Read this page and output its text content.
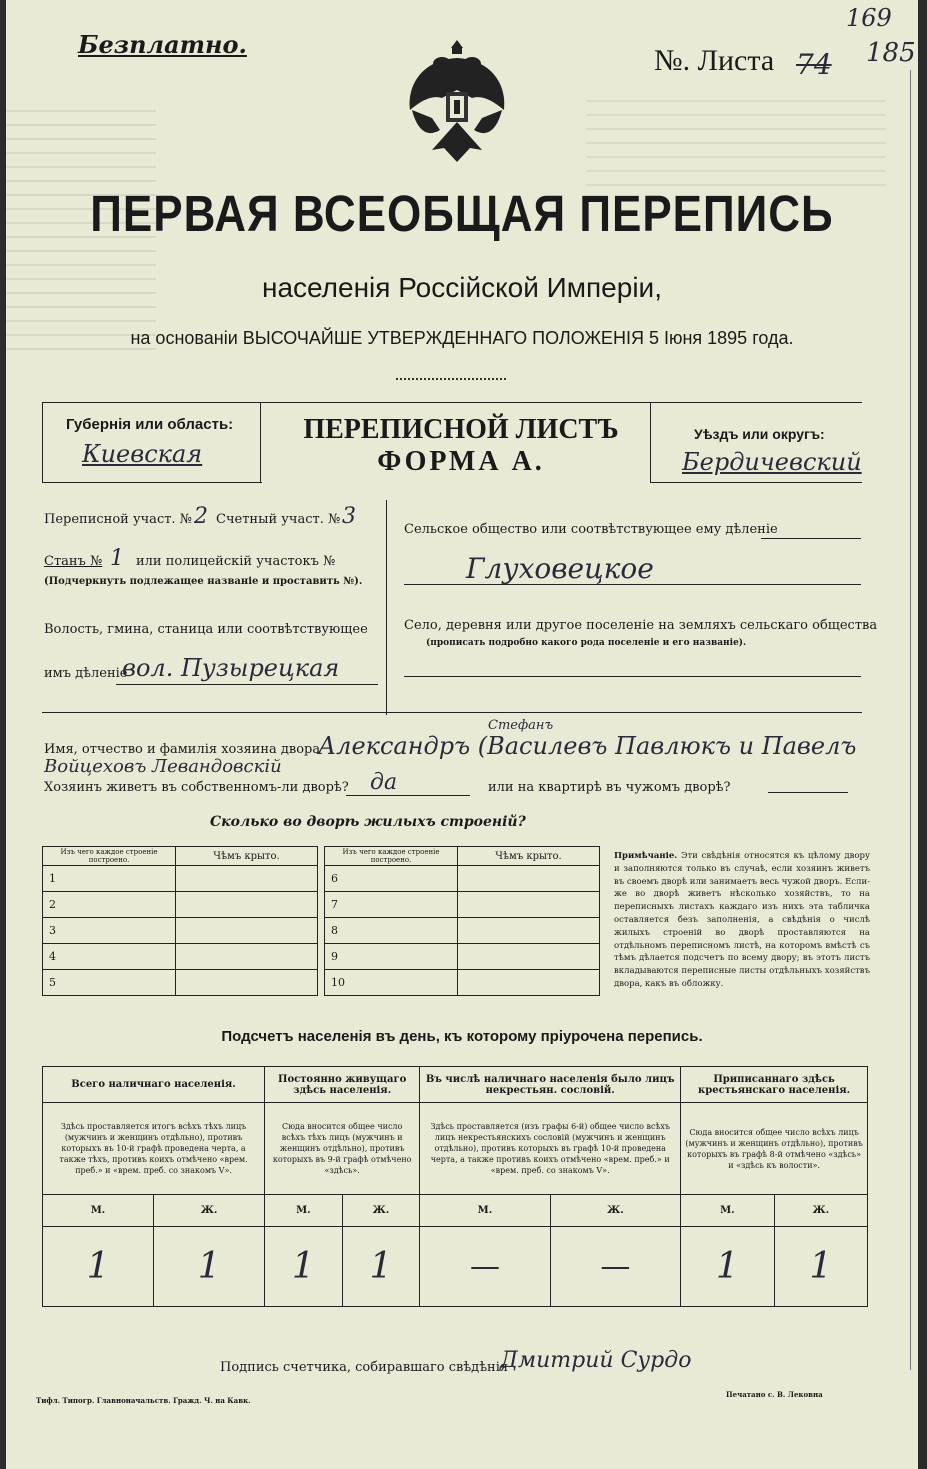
Безплатно.	№. Листа 74
169
185
ПЕРВАЯ ВСЕОБЩАЯ ПЕРЕПИСЬ
населенія Россійской Имперіи,
на основаніи ВЫСОЧАЙШЕ УТВЕРЖДЕННАГО ПОЛОЖЕНІЯ 5 Іюня 1895 года.
Губернія или область:
Киевская
ПЕРЕПИСНОЙ ЛИСТЪ
ФОРМА А.
Уѣздъ или округъ:
Бердичевский
Переписной участ. № 2 Счетный участ. № 3
Станъ № 1 или полицейскій участокъ №
(Подчеркнуть подлежащее названіе и проставить №).
Волость, гмина, станица или соотвѣтствующее
имъ дѣленіе
вол. Пузырецкая
Сельское общество или соотвѣтствующее ему дѣленіе
Глуховецкое
Село, деревня или другое поселеніе на земляхъ сельскаго общества
(прописать подробно какого рода поселеніе и его названіе).
Имя, отчество и фамилія хозяина двора
Стефанъ
Александръ (Василевъ Павлюкъ и Павелъ
Войцеховъ Левандовскій
Хозяинъ живетъ въ собственномъ-ли дворѣ? да	или на квартирѣ въ чужомъ дворѣ?
Сколько во дворѣ жилыхъ строеній?
Изъ чего каждое строеніе построено.	Чѣмъ крыто.
1	
2	
3	
4	
5	
Изъ чего каждое строеніе построено.	Чѣмъ крыто.
6	
7	
8	
9	
10	
Примѣчаніе. Эти свѣдѣнія относятся къ цѣлому двору и заполняются только въ случаѣ, если хозяинъ живетъ въ своемъ дворѣ или занимаетъ весь чужой дворъ. Если-же во дворѣ живетъ нѣсколько хозяйствъ, то на переписныхъ листахъ каждаго изъ нихъ эта табличка оставляется безъ заполненія, а свѣдѣнія о числѣ жилыхъ строеній во дворѣ проставляются на отдѣльномъ переписномъ листѣ, на которомъ вмѣстѣ съ тѣмъ дѣлается подсчетъ по всему двору; въ этотъ листъ вкладываются переписные листы отдѣльныхъ хозяйствъ двора, какъ въ обложку.
Подсчетъ населенія въ день, къ которому пріурочена перепись.
Всего наличнаго населенія.		Постоянно живущаго здѣсь населенія.		Въ числѣ наличнаго населенія было лицъ некрестьян. сословій.		Приписаннаго здѣсь крестьянскаго населенія.	
Здѣсь проставляется итогъ всѣхъ тѣхъ лицъ (мужчинъ и женщинъ отдѣльно), противъ которыхъ въ 10-й графѣ проведена черта, а также тѣхъ, противъ коихъ отмѣчено «врем. преб.» и «врем. преб. со знакомъ V».		Сюда вносится общее число всѣхъ тѣхъ лицъ (мужчинъ и женщинъ отдѣльно), противъ которыхъ въ 9-й графѣ отмѣчено «здѣсь».		Здѣсь проставляется (изъ графы 6-й) общее число всѣхъ лицъ некрестьянскихъ сословій (мужчинъ и женщинъ отдѣльно), противъ которыхъ въ графѣ 10-й проведена черта, а также противъ коихъ отмѣчено «врем. преб.» и «врем. преб. со знакомъ V».		Сюда вносится общее число всѣхъ лицъ (мужчинъ и женщинъ отдѣльно), противъ которыхъ въ графѣ 8-й отмѣчено «здѣсь» и «здѣсь къ волости».	
М.	Ж.	М.	Ж.	М.	Ж.	М.	Ж.
1	1	1	1	—	—	1	1
Подпись счетчика, собиравшаго свѣдѣнія
Дмитрий Сурдо
Тифл. Типогр. Главноначальств. Гражд. Ч. на Кавк.
Печатано с. В. Лековна
